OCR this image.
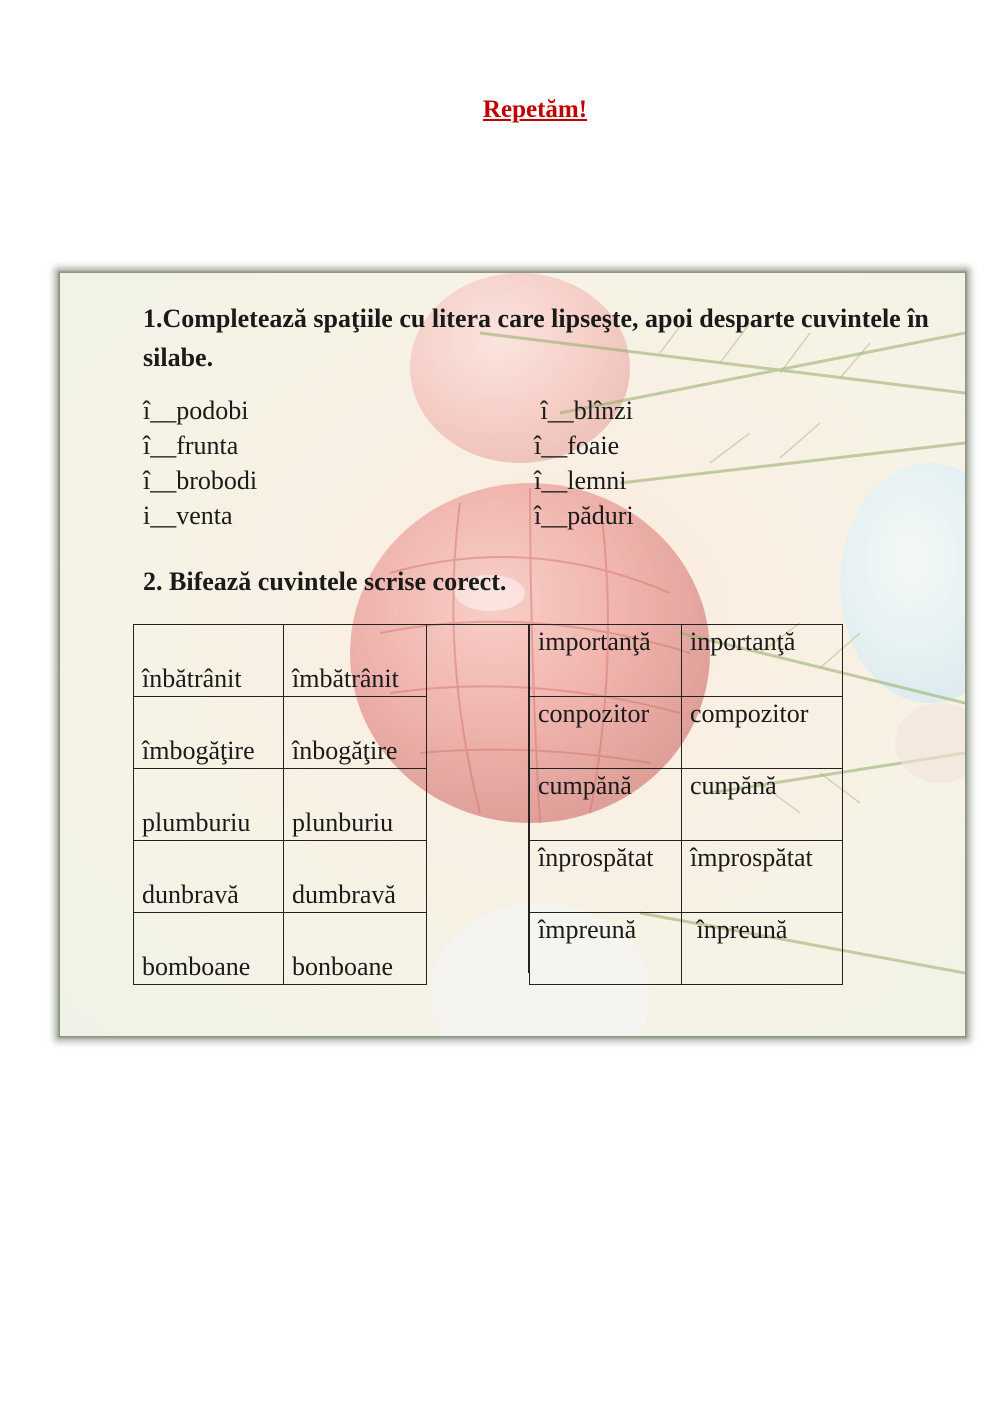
Repetăm!
1.Completează spaţiile cu litera care lipseşte, apoi desparte cuvintele în silabe.
î__podobi
î__frunta
î__brobodi
i__venta
î__blînzi
î__foaie
î__lemni
î__păduri
2. Bifează cuvintele scrise corect.
înbătrânit	îmbătrânit
îmbogăţire	înbogăţire
plumburiu	plunburiu
dunbravă	dumbravă
bomboane	bonboane
importanţă	inportanţă
conpozitor	compozitor
cumpănă	cunpănă
înprospătat	împrospătat
împreună	înpreună
